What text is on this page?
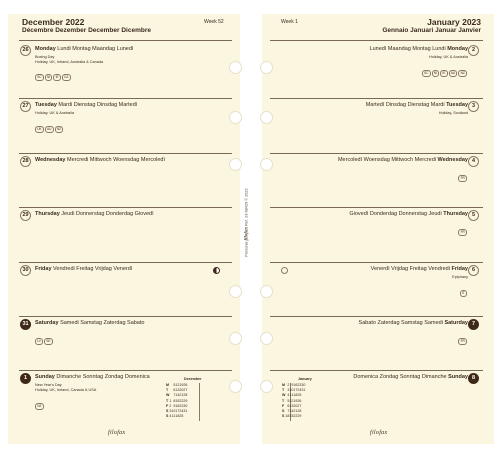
December 2022
Décembre Dezember December Dicembre
Week 52
26	Monday Lundi Montag Maandag Lunedì
Boxing Day
Holiday, UK, Ireland, Australia & Canada
SC NI IE CA
27	Tuesday Mardi Dienstag Dinsdag Martedì
Holiday, UK & Australia
UK AU NZ
28	Wednesday Mercredi Mittwoch Woensdag Mercoledì
29	Thursday Jeudi Donnerstag Donderdag Giovedì
30	Friday Vendredi Freitag Vrijdag Venerdì
31	Saturday Samedi Samstag Zaterdag Sabato
LV SE
1	Sunday Dimanche Sonntag Zondag Domenica
New Year's Day
Holiday, UK, Ireland, Canada & USA
NZ
December
M		5	12	19	26
T		6	13	20	27
W		7	14	21	28
T	1	8	15	22	29
F	2	9	16	23	30
S	3	10	17	24	31
S	4	11	18	25	
filofax
Personal filofax Ref. 23-68429 © 2022
Week 1	January 2023
Gennaio Januari Januar Janvier
2
Lunedì Maandag Montag Lundi Monday
Holiday, UK & Australia
SC NI IE AU NZ
3
Martedì Dinsdag Dienstag Mardi Tuesday
Holiday, Scotland
4
Mercoledì Woensdag Mittwoch Mercredi Wednesday
FR
5
Giovedì Donderdag Donnerstag Jeudi Thursday
FR
6
Venerdì Vrijdag Freitag Vendredi Friday
Epiphany
IT
7
Sabato Zaterdag Samstag Samedi Saturday
FR
8
Domenica Zondag Sonntag Dimanche Sunday
January
M		2	9	16	23	30
T		3	10	17	24	31
W		4	11	18	25	
T		5	12	19	26	
F		6	13	20	27	
S		7	14	21	28	
S	1	8	15	22	29	
filofax
